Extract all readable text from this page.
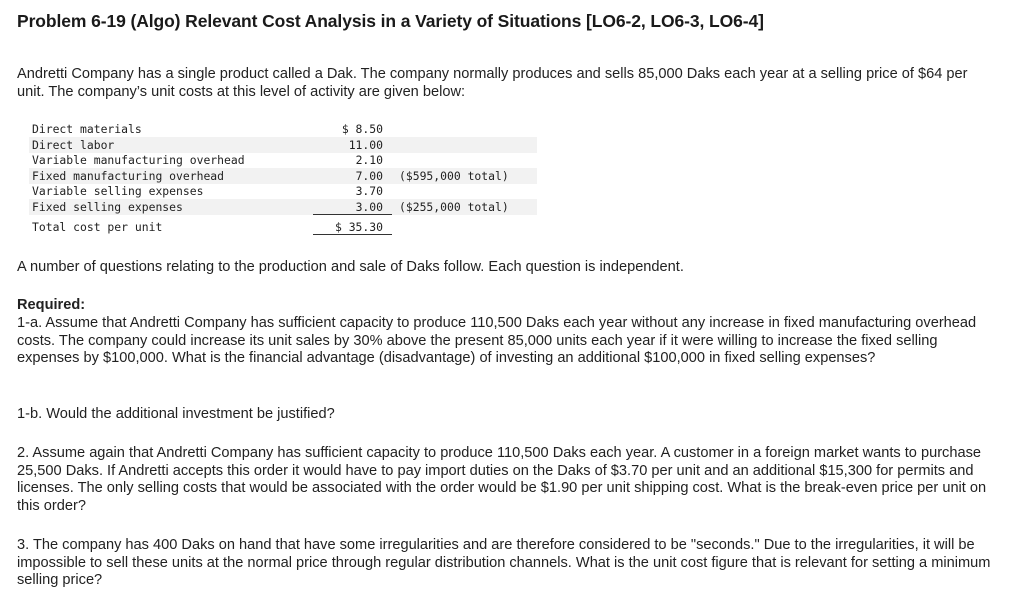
Problem 6-19 (Algo) Relevant Cost Analysis in a Variety of Situations [LO6-2, LO6-3, LO6-4]
Andretti Company has a single product called a Dak. The company normally produces and sells 85,000 Daks each year at a selling price of $64 per unit. The company’s unit costs at this level of activity are given below:
Direct materials	$ 8.50
Direct labor	11.00
Variable manufacturing overhead	2.10
Fixed manufacturing overhead	7.00 ($595,000 total)
Variable selling expenses	3.70
Fixed selling expenses	3.00 ($255,000 total)
Total cost per unit	$ 35.30
A number of questions relating to the production and sale of Daks follow. Each question is independent.
Required:
1-a. Assume that Andretti Company has sufficient capacity to produce 110,500 Daks each year without any increase in fixed manufacturing overhead costs. The company could increase its unit sales by 30% above the present 85,000 units each year if it were willing to increase the fixed selling expenses by $100,000. What is the financial advantage (disadvantage) of investing an additional $100,000 in fixed selling expenses?
1-b. Would the additional investment be justified?
2. Assume again that Andretti Company has sufficient capacity to produce 110,500 Daks each year. A customer in a foreign market wants to purchase 25,500 Daks. If Andretti accepts this order it would have to pay import duties on the Daks of $3.70 per unit and an additional $15,300 for permits and licenses. The only selling costs that would be associated with the order would be $1.90 per unit shipping cost. What is the break-even price per unit on this order?
3. The company has 400 Daks on hand that have some irregularities and are therefore considered to be "seconds." Due to the irregularities, it will be impossible to sell these units at the normal price through regular distribution channels. What is the unit cost figure that is relevant for setting a minimum selling price?
